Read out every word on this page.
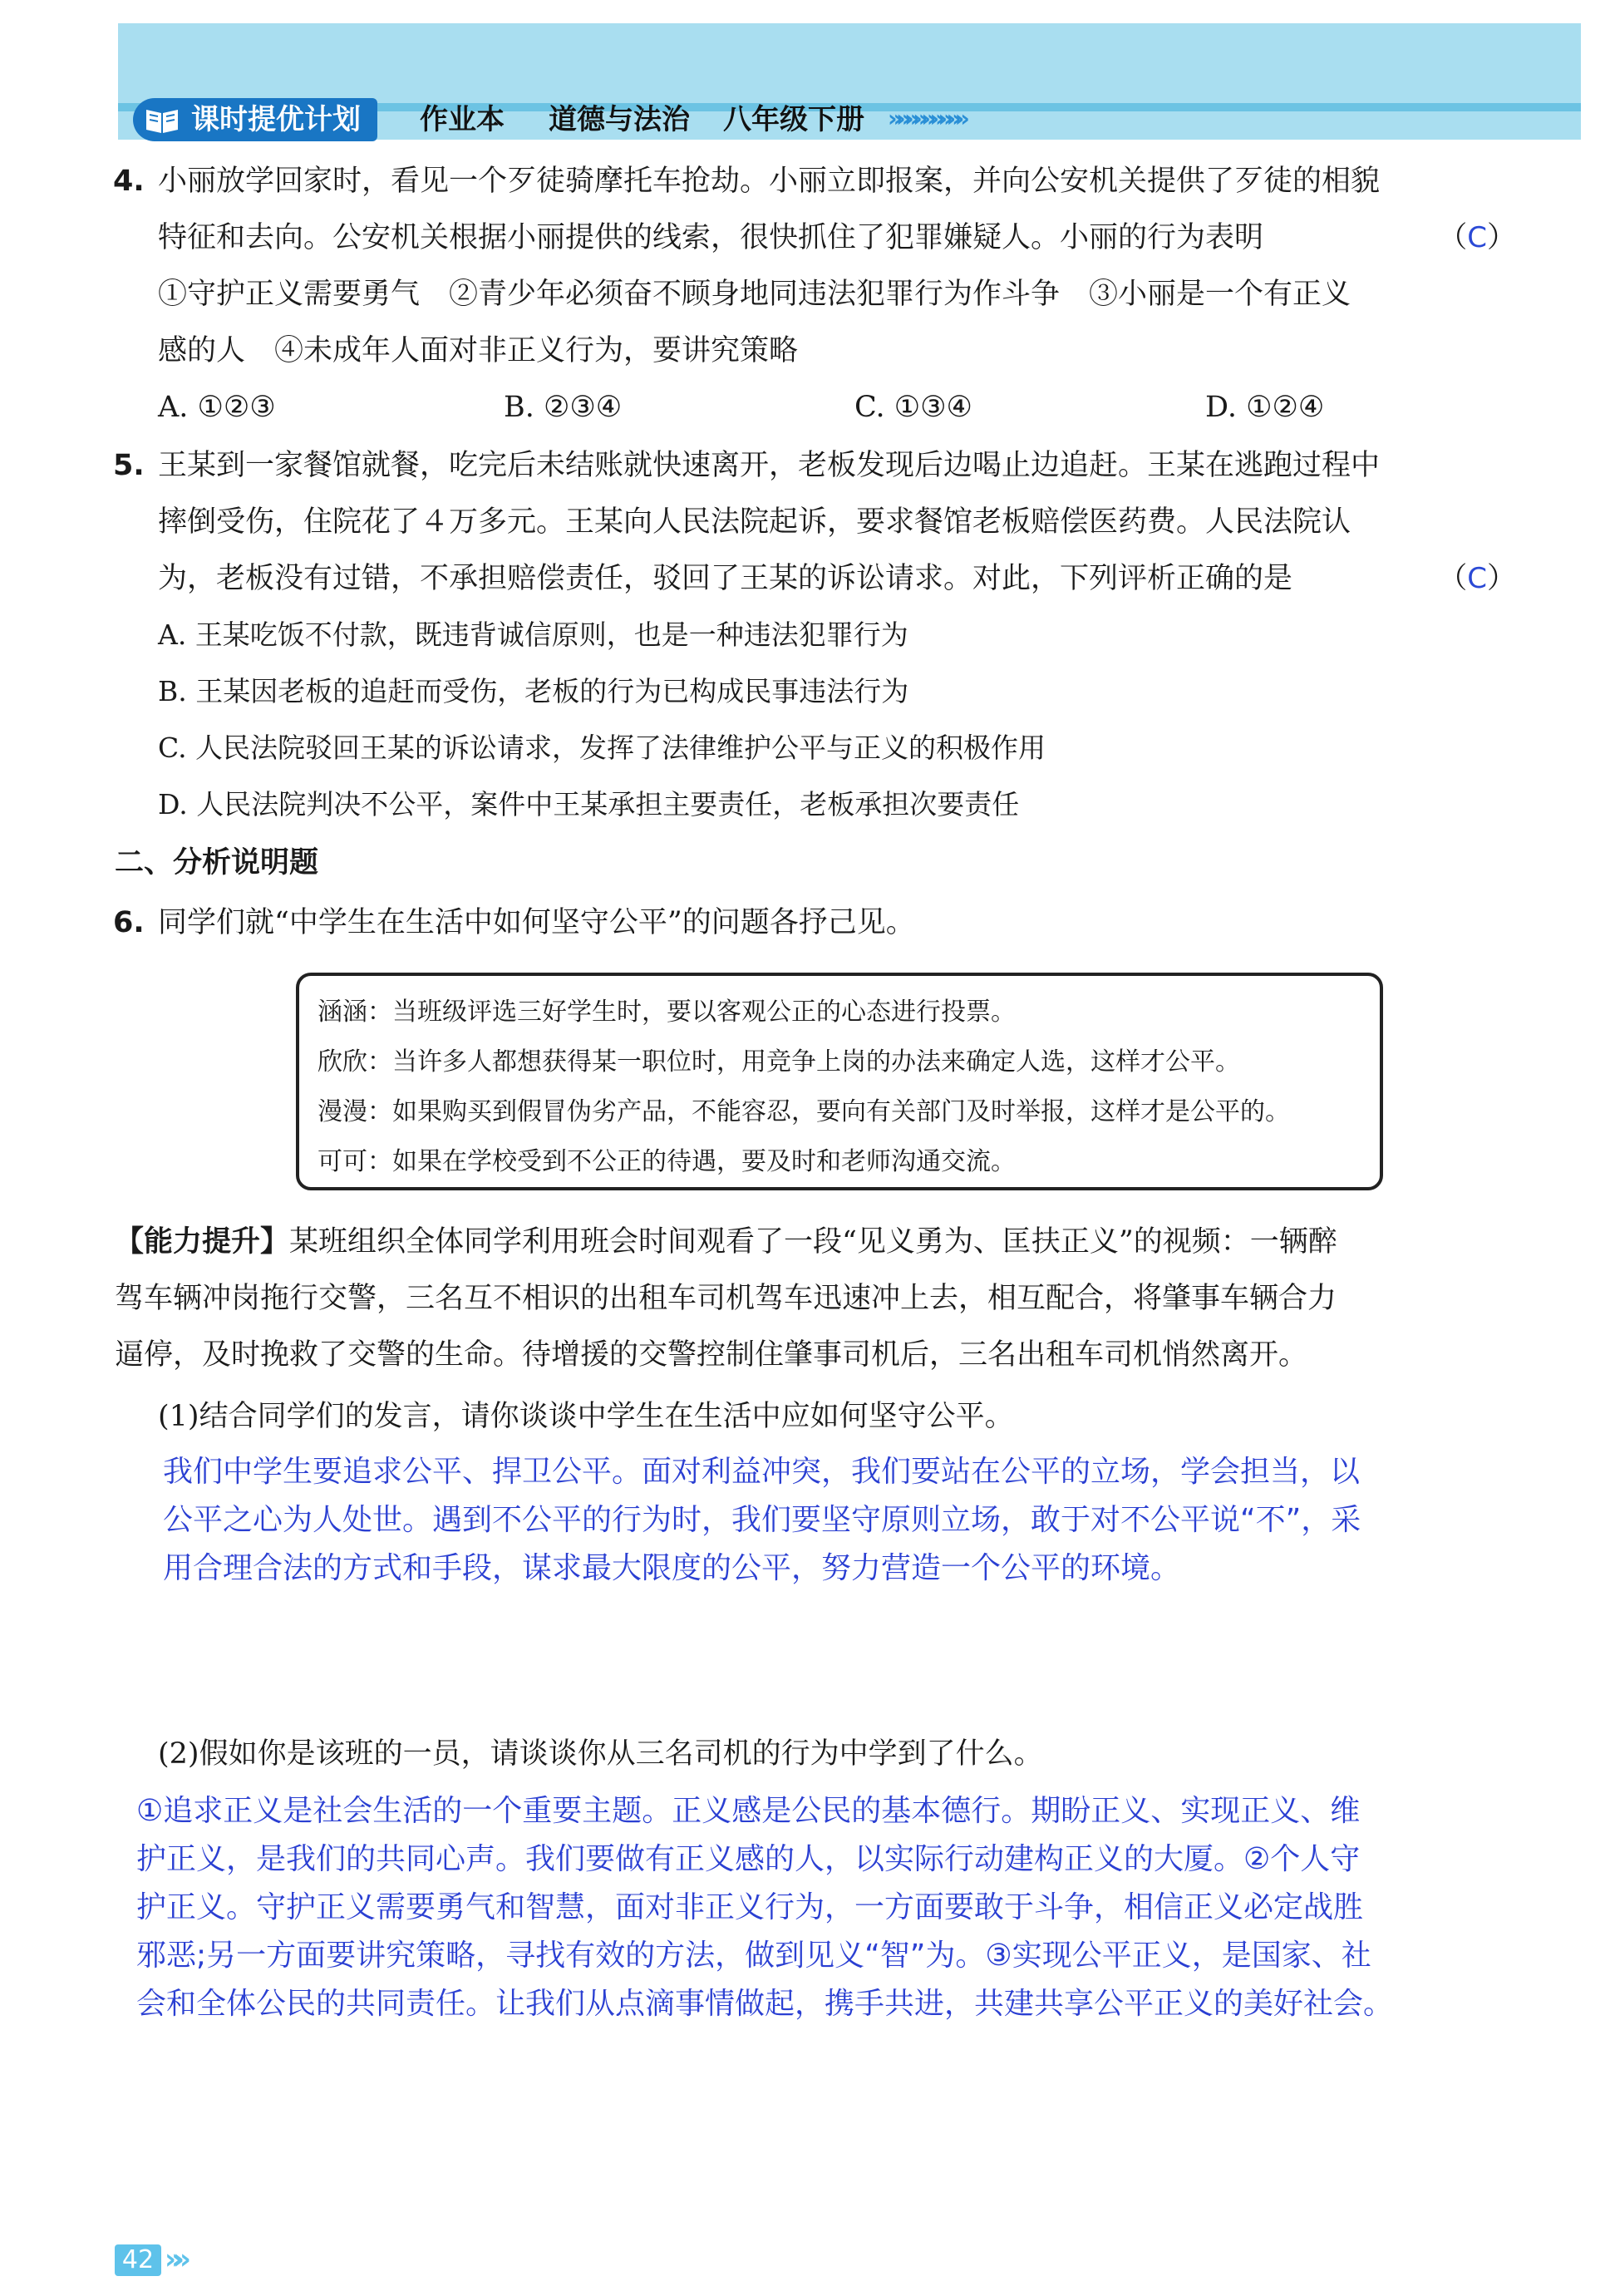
课时提优计划	作业本 道德与法治 八年级下册 »»»»»»»»»
4. 小丽放学回家时，看见一个歹徒骑摩托车抢劫。小丽立即报案，并向公安机关提供了歹徒的相貌
特征和去向。公安机关根据小丽提供的线索，很快抓住了犯罪嫌疑人。小丽的行为表明	（C）
①守护正义需要勇气　②青少年必须奋不顾身地同违法犯罪行为作斗争　③小丽是一个有正义
感的人　④未成年人面对非正义行为，要讲究策略
A. ①②③	B. ②③④	C. ①③④	D. ①②④
5. 王某到一家餐馆就餐，吃完后未结账就快速离开，老板发现后边喝止边追赶。王某在逃跑过程中
摔倒受伤，住院花了４万多元。王某向人民法院起诉，要求餐馆老板赔偿医药费。人民法院认
为，老板没有过错，不承担赔偿责任，驳回了王某的诉讼请求。对此，下列评析正确的是	（C）
A. 王某吃饭不付款，既违背诚信原则，也是一种违法犯罪行为
B. 王某因老板的追赶而受伤，老板的行为已构成民事违法行为
C. 人民法院驳回王某的诉讼请求，发挥了法律维护公平与正义的积极作用
D. 人民法院判决不公平，案件中王某承担主要责任，老板承担次要责任
二、分析说明题
6. 同学们就“中学生在生活中如何坚守公平”的问题各抒己见。
涵涵：当班级评选三好学生时，要以客观公正的心态进行投票。
欣欣：当许多人都想获得某一职位时，用竞争上岗的办法来确定人选，这样才公平。
漫漫：如果购买到假冒伪劣产品，不能容忍，要向有关部门及时举报，这样才是公平的。
可可：如果在学校受到不公正的待遇，要及时和老师沟通交流。
【能力提升】某班组织全体同学利用班会时间观看了一段“见义勇为、匡扶正义”的视频：一辆醉
驾车辆冲岗拖行交警，三名互不相识的出租车司机驾车迅速冲上去，相互配合，将肇事车辆合力
逼停，及时挽救了交警的生命。待增援的交警控制住肇事司机后，三名出租车司机悄然离开。
(1)结合同学们的发言，请你谈谈中学生在生活中应如何坚守公平。
我们中学生要追求公平、捍卫公平。面对利益冲突，我们要站在公平的立场，学会担当，以
公平之心为人处世。遇到不公平的行为时，我们要坚守原则立场，敢于对不公平说“不”，采
用合理合法的方式和手段，谋求最大限度的公平，努力营造一个公平的环境。
(2)假如你是该班的一员，请谈谈你从三名司机的行为中学到了什么。
①追求正义是社会生活的一个重要主题。正义感是公民的基本德行。期盼正义、实现正义、维
护正义，是我们的共同心声。我们要做有正义感的人，以实际行动建构正义的大厦。②个人守
护正义。守护正义需要勇气和智慧，面对非正义行为，一方面要敢于斗争，相信正义必定战胜
邪恶;另一方面要讲究策略，寻找有效的方法，做到见义“智”为。③实现公平正义，是国家、社
会和全体公民的共同责任。让我们从点滴事情做起，携手共进，共建共享公平正义的美好社会。
42 »»
